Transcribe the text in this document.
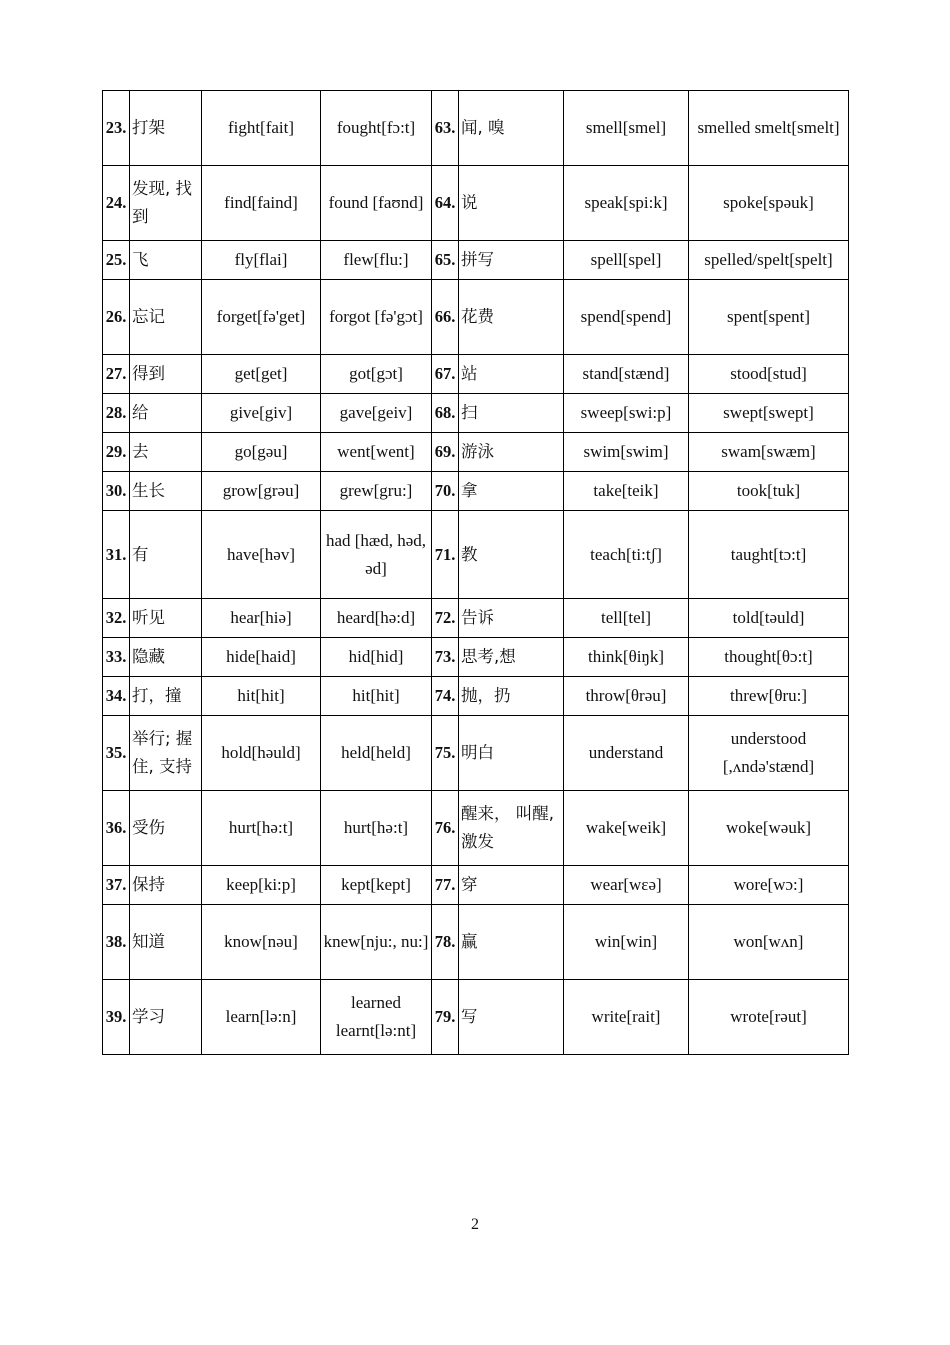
23.	打架	fight[fait]	fought[fɔ:t]	63.	闻, 嗅	smell[smel]	smelled smelt[smelt]
24.	发现, 找到	find[faind]	found [faʊnd]	64.	说	speak[spi:k]	spoke[spəuk]
25.	飞	fly[flai]	flew[flu:]	65.	拼写	spell[spel]	spelled/spelt[spelt]
26.	忘记	forget[fə'get]	forgot [fə'gɔt]	66.	花费	spend[spend]	spent[spent]
27.	得到	get[get]	got[gɔt]	67.	站	stand[stænd]	stood[stud]
28.	给	give[giv]	gave[geiv]	68.	扫	sweep[swi:p]	swept[swept]
29.	去	go[gəu]	went[went]	69.	游泳	swim[swim]	swam[swæm]
30.	生长	grow[grəu]	grew[gru:]	70.	拿	take[teik]	took[tuk]
31.	有	have[həv]	had [hæd, həd, əd]	71.	教	teach[ti:tʃ]	taught[tɔ:t]
32.	听见	hear[hiə]	heard[hə:d]	72.	告诉	tell[tel]	told[təuld]
33.	隐藏	hide[haid]	hid[hid]	73.	思考,想	think[θiŋk]	thought[θɔ:t]
34.	打，撞	hit[hit]	hit[hit]	74.	抛，扔	throw[θrəu]	threw[θru:]
35.	举行; 握住, 支持	hold[həuld]	held[held]	75.	明白	understand	understood [,ʌndə'stænd]
36.	受伤	hurt[hə:t]	hurt[hə:t]	76.	醒来， 叫醒, 激发	wake[weik]	woke[wəuk]
37.	保持	keep[ki:p]	kept[kept]	77.	穿	wear[wεə]	wore[wɔ:]
38.	知道	know[nəu]	knew[nju:, nu:]	78.	赢	win[win]	won[wʌn]
39.	学习	learn[lə:n]	learned learnt[lə:nt]	79.	写	write[rait]	wrote[rəut]
2
